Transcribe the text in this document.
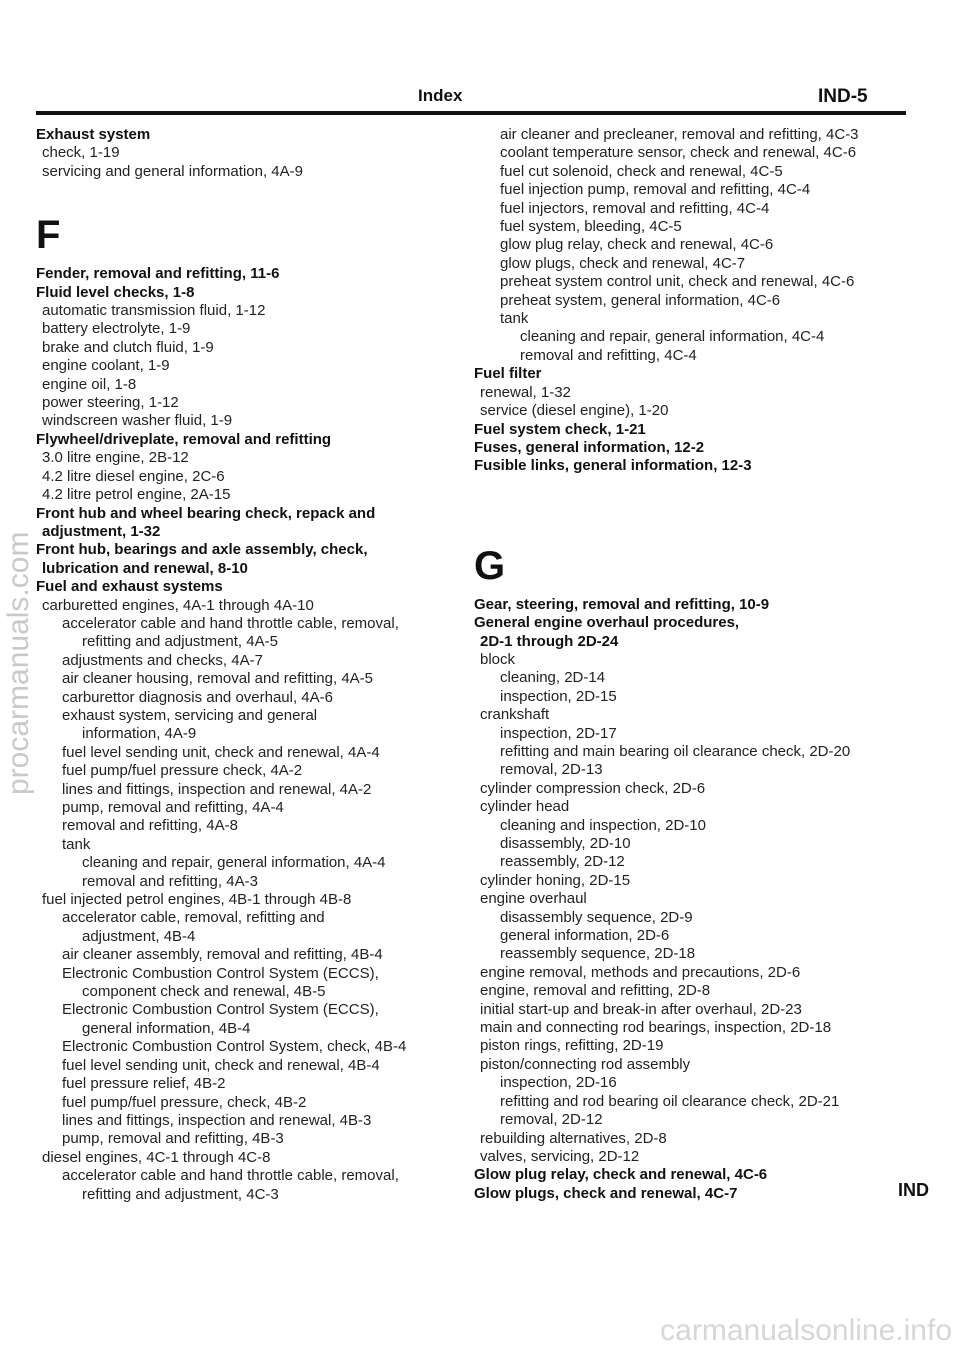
Index	IND-5
Exhaust system
check, 1-19
servicing and general information, 4A-9
F
Fender, removal and refitting, 11-6
Fluid level checks, 1-8
automatic transmission fluid, 1-12
battery electrolyte, 1-9
brake and clutch fluid, 1-9
engine coolant, 1-9
engine oil, 1-8
power steering, 1-12
windscreen washer fluid, 1-9
Flywheel/driveplate, removal and refitting
3.0 litre engine, 2B-12
4.2 litre diesel engine, 2C-6
4.2 litre petrol engine, 2A-15
Front hub and wheel bearing check, repack and
adjustment, 1-32
Front hub, bearings and axle assembly, check,
lubrication and renewal, 8-10
Fuel and exhaust systems
carburetted engines, 4A-1 through 4A-10
accelerator cable and hand throttle cable, removal,
refitting and adjustment, 4A-5
adjustments and checks, 4A-7
air cleaner housing, removal and refitting, 4A-5
carburettor diagnosis and overhaul, 4A-6
exhaust system, servicing and general
information, 4A-9
fuel level sending unit, check and renewal, 4A-4
fuel pump/fuel pressure check, 4A-2
lines and fittings, inspection and renewal, 4A-2
pump, removal and refitting, 4A-4
removal and refitting, 4A-8
tank
cleaning and repair, general information, 4A-4
removal and refitting, 4A-3
fuel injected petrol engines, 4B-1 through 4B-8
accelerator cable, removal, refitting and
adjustment, 4B-4
air cleaner assembly, removal and refitting, 4B-4
Electronic Combustion Control System (ECCS),
component check and renewal, 4B-5
Electronic Combustion Control System (ECCS),
general information, 4B-4
Electronic Combustion Control System, check, 4B-4
fuel level sending unit, check and renewal, 4B-4
fuel pressure relief, 4B-2
fuel pump/fuel pressure, check, 4B-2
lines and fittings, inspection and renewal, 4B-3
pump, removal and refitting, 4B-3
diesel engines, 4C-1 through 4C-8
accelerator cable and hand throttle cable, removal,
refitting and adjustment, 4C-3
air cleaner and precleaner, removal and refitting, 4C-3
coolant temperature sensor, check and renewal, 4C-6
fuel cut solenoid, check and renewal, 4C-5
fuel injection pump, removal and refitting, 4C-4
fuel injectors, removal and refitting, 4C-4
fuel system, bleeding, 4C-5
glow plug relay, check and renewal, 4C-6
glow plugs, check and renewal, 4C-7
preheat system control unit, check and renewal, 4C-6
preheat system, general information, 4C-6
tank
cleaning and repair, general information, 4C-4
removal and refitting, 4C-4
Fuel filter
renewal, 1-32
service (diesel engine), 1-20
Fuel system check, 1-21
Fuses, general information, 12-2
Fusible links, general information, 12-3
G
Gear, steering, removal and refitting, 10-9
General engine overhaul procedures,
2D-1 through 2D-24
block
cleaning, 2D-14
inspection, 2D-15
crankshaft
inspection, 2D-17
refitting and main bearing oil clearance check, 2D-20
removal, 2D-13
cylinder compression check, 2D-6
cylinder head
cleaning and inspection, 2D-10
disassembly, 2D-10
reassembly, 2D-12
cylinder honing, 2D-15
engine overhaul
disassembly sequence, 2D-9
general information, 2D-6
reassembly sequence, 2D-18
engine removal, methods and precautions, 2D-6
engine, removal and refitting, 2D-8
initial start-up and break-in after overhaul, 2D-23
main and connecting rod bearings, inspection, 2D-18
piston rings, refitting, 2D-19
piston/connecting rod assembly
inspection, 2D-16
refitting and rod bearing oil clearance check, 2D-21
removal, 2D-12
rebuilding alternatives, 2D-8
valves, servicing, 2D-12
Glow plug relay, check and renewal, 4C-6
Glow plugs, check and renewal, 4C-7
procarmanuals.com
carmanualsonline.info
IND
